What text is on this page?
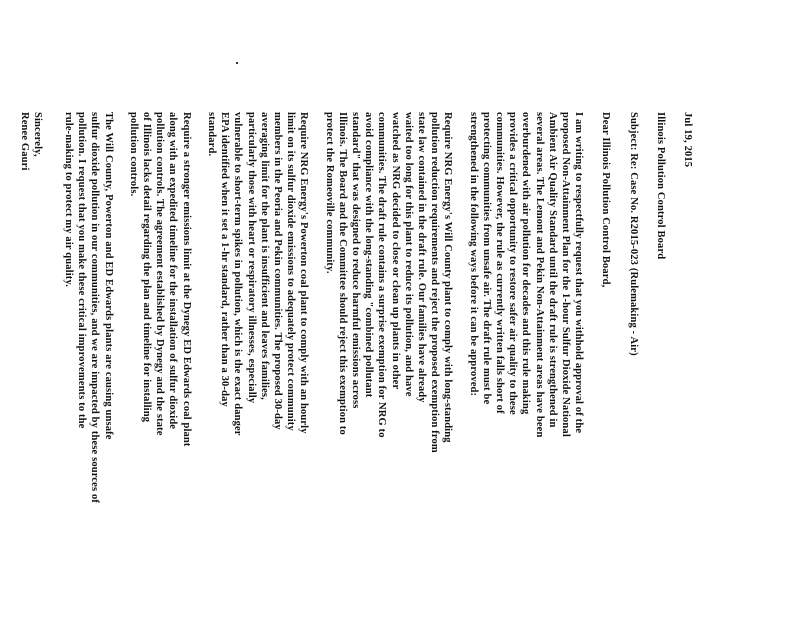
Jul 19, 2015
Illinois Pollution Control Board
Subject: Re: Case No. R2015-023 (Rulemaking - Air)
Dear Illinois Pollution Control Board,
I am writing to respectfully request that you withhold approval of the
proposed Non-Attainment Plan for the 1-hour Sulfur Dioxide National
Ambient Air Quality Standard until the draft rule is strengthened in
several areas. The Lemont and Pekin Non-Attainment areas have been
overburdened with air pollution for decades and this rule making
provides a critical opportunity to restore safer air quality to these
communities. However, the rule as currently written falls short of
protecting communities from unsafe air. The draft rule must be
strengthened in the following ways before it can be approved:
Require NRG Energy's Will County plant to comply with long-standing
pollution reduction requirements and reject the proposed exemption from
state law contained in the draft rule. Our families have already
waited too long for this plant to reduce its pollution, and have
watched as NRG decided to close or clean up plants in other
communities. The draft rule contains a surprise exemption for NRG to
avoid compliance with the long-standing "combined pollutant
standard" that was designed to reduce harmful emissions across
Illinois. The Board and the Committee should reject this exemption to
protect the Romeoville community.
Require NRG Energy's Powerton coal plant to comply with an hourly
limit on its sulfur dioxide emissions to adequately protect community
members in the Peoria and Pekin communities. The proposed 30-day
averaging limit for the plant is insufficient and leaves families,
particularly those with heart or respiratory illnesses, especially
vulnerable to short-term spikes in pollution, which is the exact danger
EPA identified when it set a 1-hr standard, rather than a 30-day
standard.
Require a stronger emissions limit at the Dynegy ED Edwards coal plant
along with an expedited timeline for the installation of sulfur dioxide
pollution controls. The agreement established by Dynegy and the state
of Illinois lacks detail regarding the plan and timeline for installing
pollution controls.
The Will County, Powerton and ED Edwards plants are causing unsafe
sulfur dioxide pollution in our communities, and we are impacted by these sources of
pollution. I request that you make these critical improvements to the
rule-making to protect my air quality.
Sincerely,
Renee Gauri
